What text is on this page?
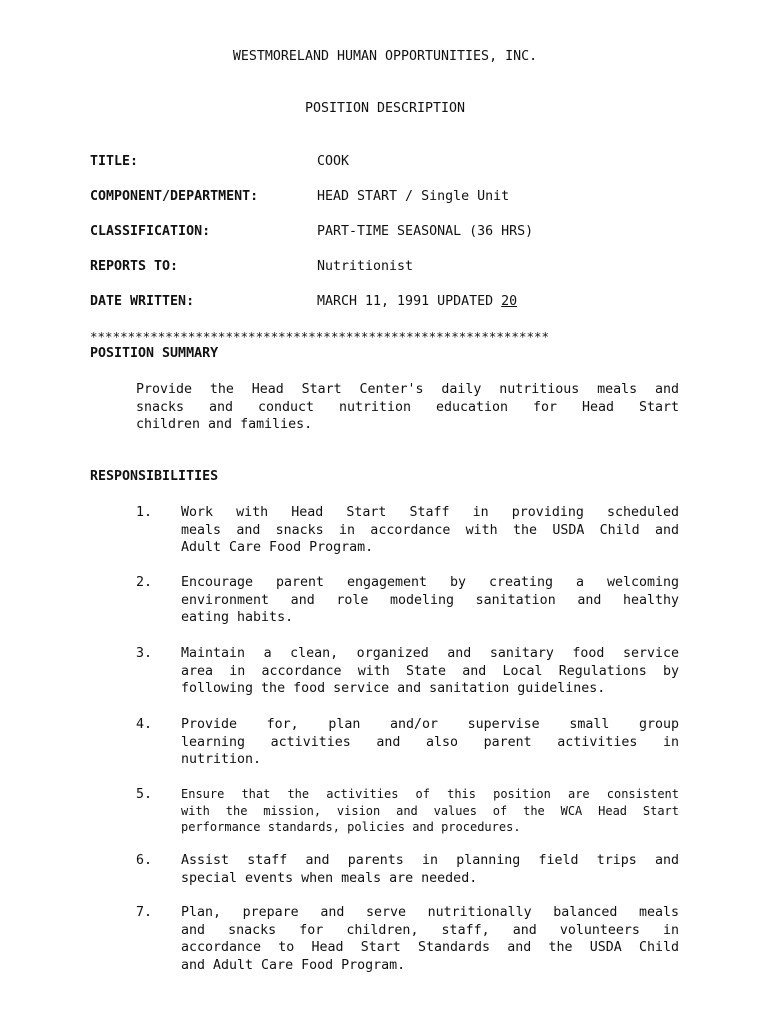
WESTMORELAND HUMAN OPPORTUNITIES, INC.
POSITION DESCRIPTION
TITLE:	COOK
COMPONENT/DEPARTMENT:	HEAD START / Single Unit
CLASSIFICATION:	PART-TIME SEASONAL (36 HRS)
REPORTS TO:	Nutritionist
DATE WRITTEN:	MARCH 11, 1991 UPDATED 20
*************************************************************
POSITION SUMMARY
Provide the Head Start Center's daily nutritious meals and
snacks and conduct nutrition education for Head Start
children and families.
RESPONSIBILITIES
1. Work with Head Start Staff in providing scheduled
meals and snacks in accordance with the USDA Child and
Adult Care Food Program.
2. Encourage parent engagement by creating a welcoming
environment and role modeling sanitation and healthy
eating habits.
3. Maintain a clean, organized and sanitary food service
area in accordance with State and Local Regulations by
following the food service and sanitation guidelines.
4. Provide for, plan and/or supervise small group
learning activities and also parent activities in
nutrition.
5. Ensure that the activities of this position are consistent
with the mission, vision and values of the WCA Head Start
performance standards, policies and procedures.
6. Assist staff and parents in planning field trips and
special events when meals are needed.
7. Plan, prepare and serve nutritionally balanced meals
and snacks for children, staff, and volunteers in
accordance to Head Start Standards and the USDA Child
and Adult Care Food Program.
